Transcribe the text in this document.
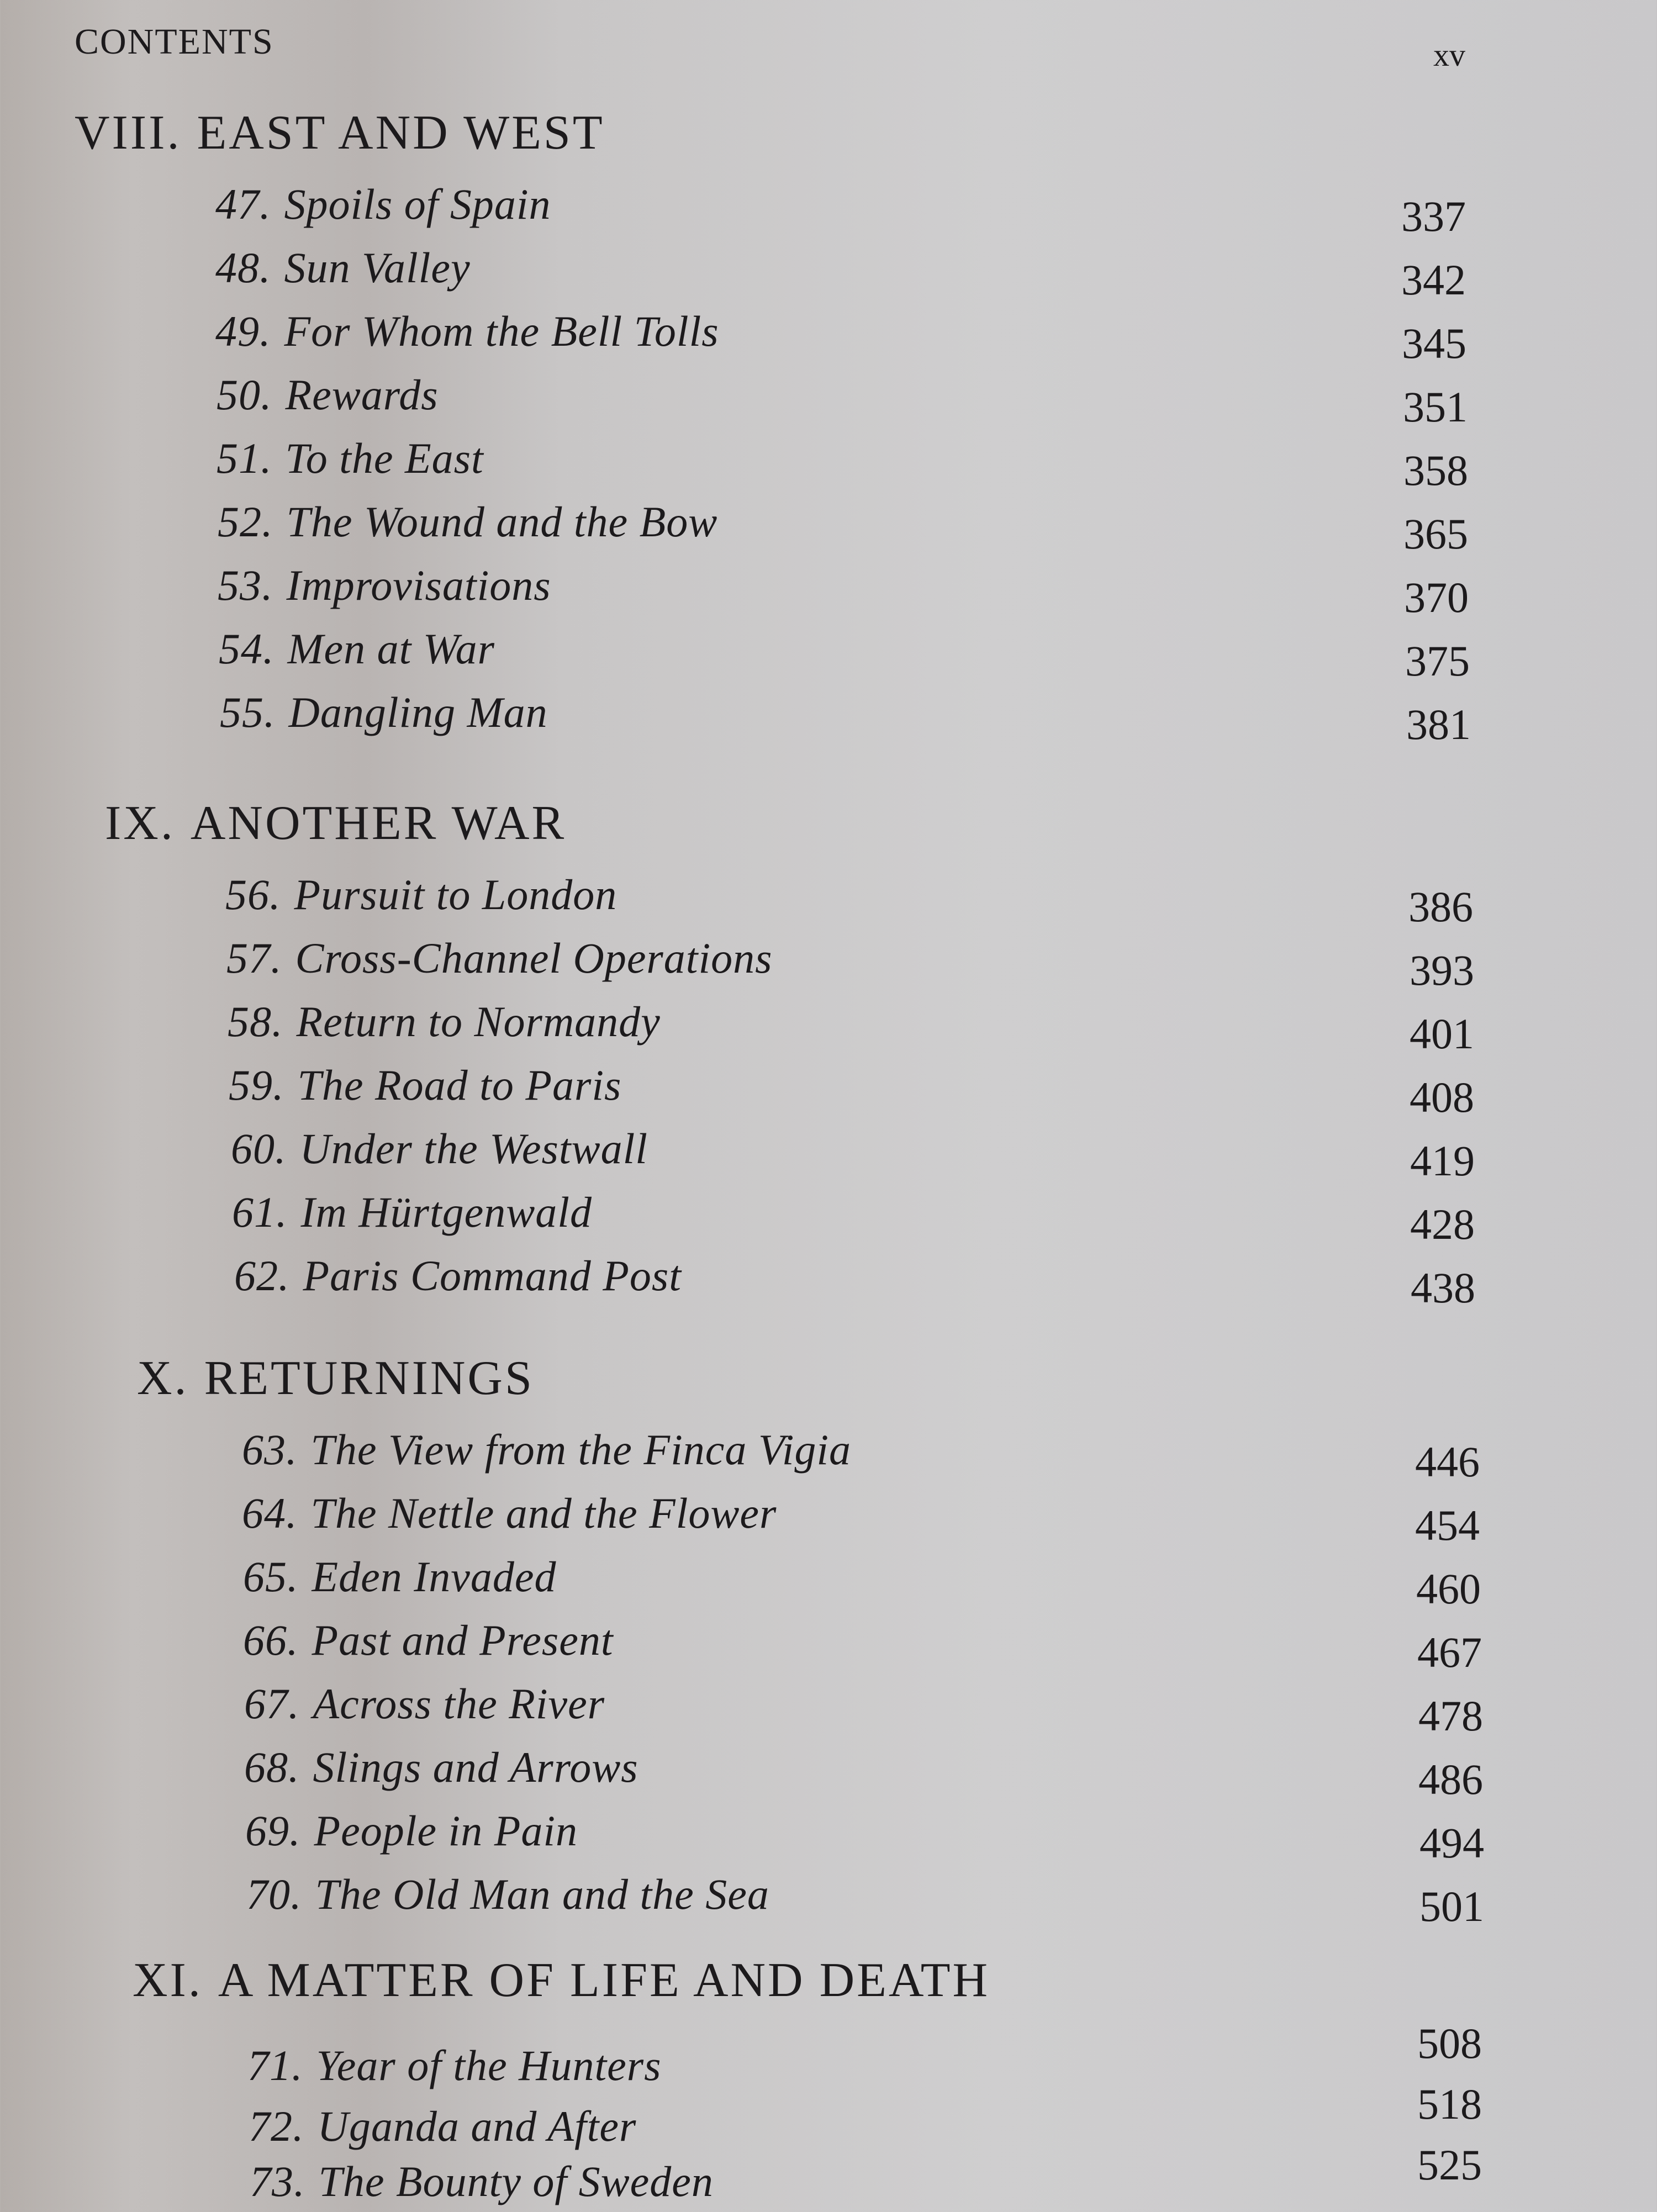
CONTENTS	xv
VIII. EAST AND WEST
47. Spoils of Spain	337
48. Sun Valley	342
49. For Whom the Bell Tolls	345
50. Rewards	351
51. To the East	358
52. The Wound and the Bow	365
53. Improvisations	370
54. Men at War	375
55. Dangling Man	381
IX. ANOTHER WAR
56. Pursuit to London	386
57. Cross-Channel Operations	393
58. Return to Normandy	401
59. The Road to Paris	408
60. Under the Westwall	419
61. Im Hürtgenwald	428
62. Paris Command Post	438
X. RETURNINGS
63. The View from the Finca Vigia	446
64. The Nettle and the Flower	454
65. Eden Invaded	460
66. Past and Present	467
67. Across the River	478
68. Slings and Arrows	486
69. People in Pain	494
70. The Old Man and the Sea	501
XI. A MATTER OF LIFE AND DEATH
71. Year of the Hunters	508
72. Uganda and After	518
73. The Bounty of Sweden	525
